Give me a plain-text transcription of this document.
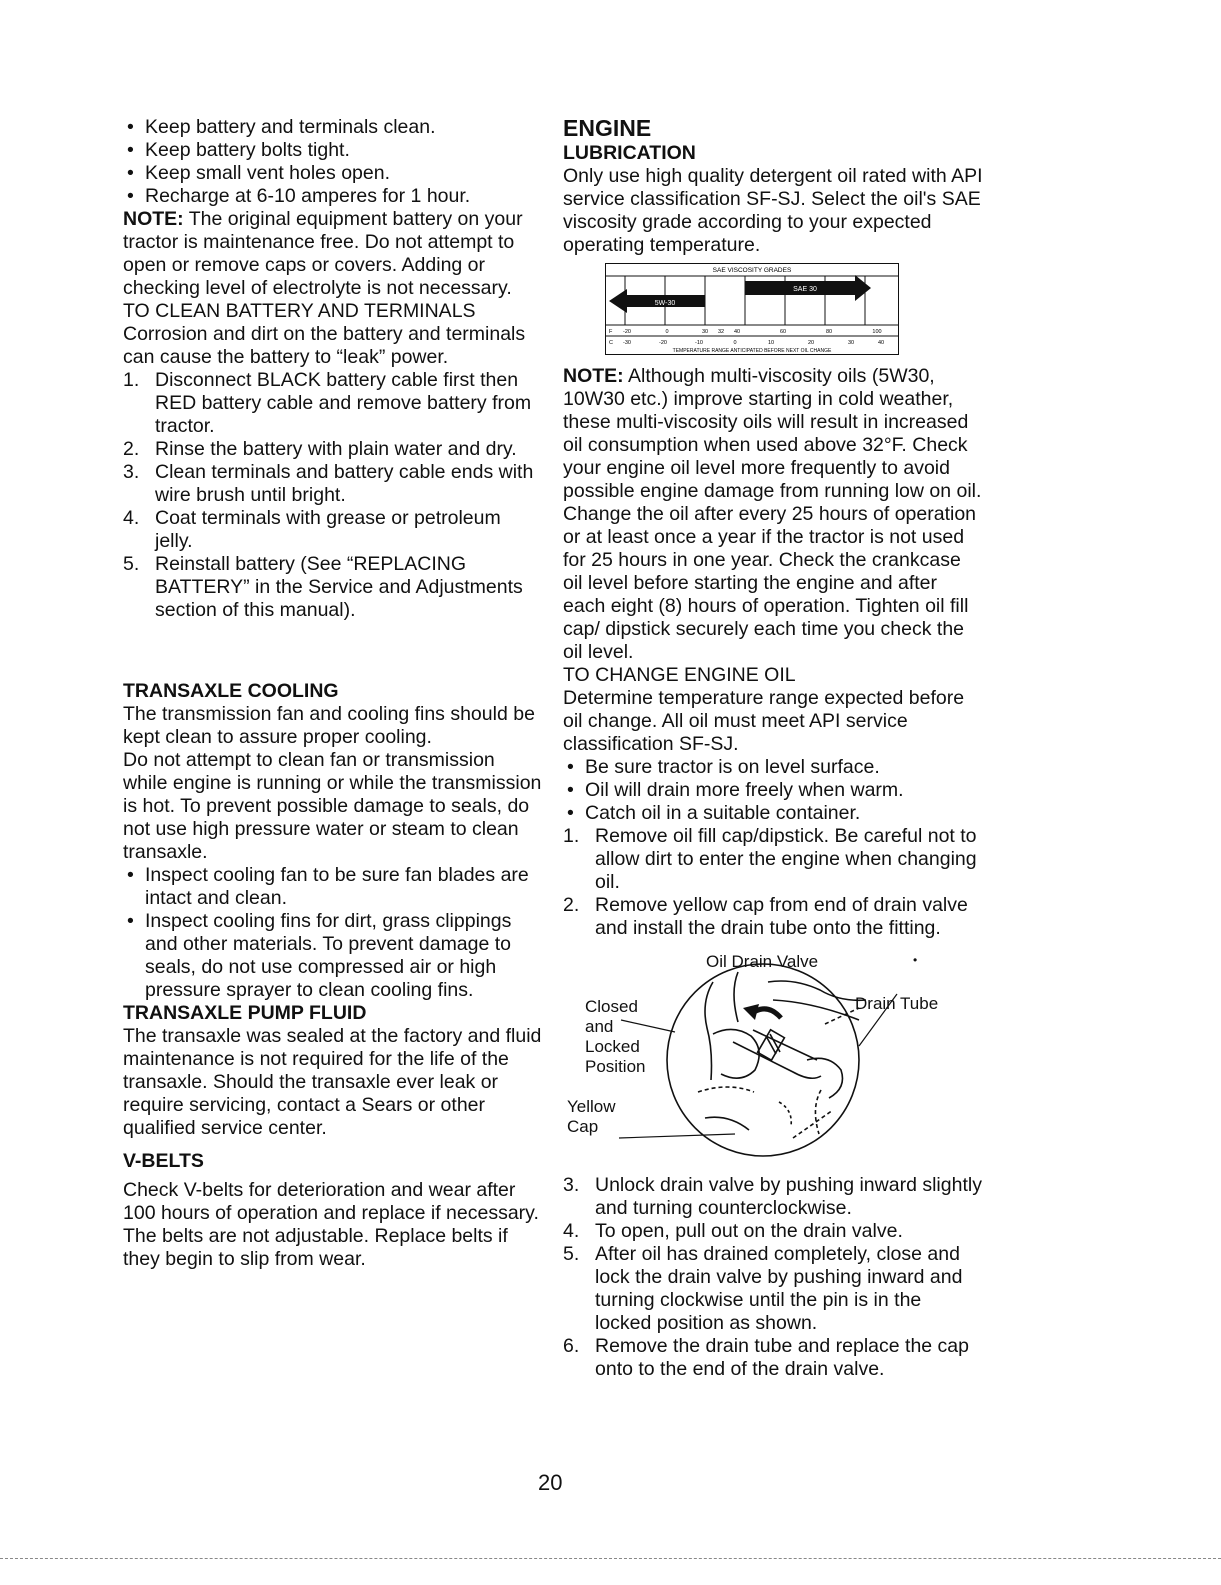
• Keep battery and terminals clean.
• Keep battery bolts tight.
• Keep small vent holes open.
• Recharge at 6-10 amperes for 1 hour.

NOTE: The original equipment battery on your tractor is maintenance free. Do not attempt to open or remove caps or covers. Adding or checking level of electrolyte is not necessary.

TO CLEAN BATTERY AND TERMINALS

Corrosion and dirt on the battery and terminals can cause the battery to “leak” power.

1. Disconnect BLACK battery cable first then RED battery cable and remove battery from tractor.
2. Rinse the battery with plain water and dry.
3. Clean terminals and battery cable ends with wire brush until bright.
4. Coat terminals with grease or petroleum jelly.
5. Reinstall battery (See “REPLACING BATTERY” in the Service and Adjustments section of this manual).

TRANSAXLE COOLING

The transmission fan and cooling fins should be kept clean to assure proper cooling.

Do not attempt to clean fan or transmission while engine is running or while the transmission is hot. To prevent possible damage to seals, do not use high pressure water or steam to clean transaxle.

• Inspect cooling fan to be sure fan blades are intact and clean.
• Inspect cooling fins for dirt, grass clippings and other materials. To prevent damage to seals, do not use compressed air or high pressure sprayer to clean cooling fins.

TRANSAXLE PUMP FLUID

The transaxle was sealed at the factory and fluid maintenance is not required for the life of the transaxle. Should the transaxle ever leak or require servicing, contact a Sears or other qualified service center.

V-BELTS

Check V-belts for deterioration and wear after 100 hours of operation and replace if necessary. The belts are not adjustable. Replace belts if they begin to slip from wear.

ENGINE

LUBRICATION

Only use high quality detergent oil rated with API service classification SF-SJ. Select the oil's SAE viscosity grade according to your expected operating temperature.

SAE VISCOSITY GRADES
5W-30
SAE 30
F -20	0	30 32 40	60	80	100
C -30	-20	-10	0	10	20	30	40
TEMPERATURE RANGE ANTICIPATED BEFORE NEXT OIL CHANGE

NOTE: Although multi-viscosity oils (5W30, 10W30 etc.) improve starting in cold weather, these multi-viscosity oils will result in increased oil consumption when used above 32°F. Check your engine oil level more frequently to avoid possible engine damage from running low on oil. Change the oil after every 25 hours of operation or at least once a year if the tractor is not used for 25 hours in one year. Check the crankcase oil level before starting the engine and after each eight (8) hours of operation. Tighten oil fill cap/ dipstick securely each time you check the oil level.

TO CHANGE ENGINE OIL

Determine temperature range expected before oil change. All oil must meet API service classification SF-SJ.

• Be sure tractor is on level surface.
• Oil will drain more freely when warm.
• Catch oil in a suitable container.
1. Remove oil fill cap/dipstick. Be careful not to allow dirt to enter the engine when changing oil.
2. Remove yellow cap from end of drain valve and install the drain tube onto the fitting.
Oil Drain Valve	•
Closed
and
Locked
Position
Drain Tube
Yellow
Cap
3. Unlock drain valve by pushing inward slightly and turning counterclockwise.
4. To open, pull out on the drain valve.
5. After oil has drained completely, close and lock the drain valve by pushing inward and turning clockwise until the pin is in the locked position as shown.
6. Remove the drain tube and replace the cap onto to the end of the drain valve.
20
